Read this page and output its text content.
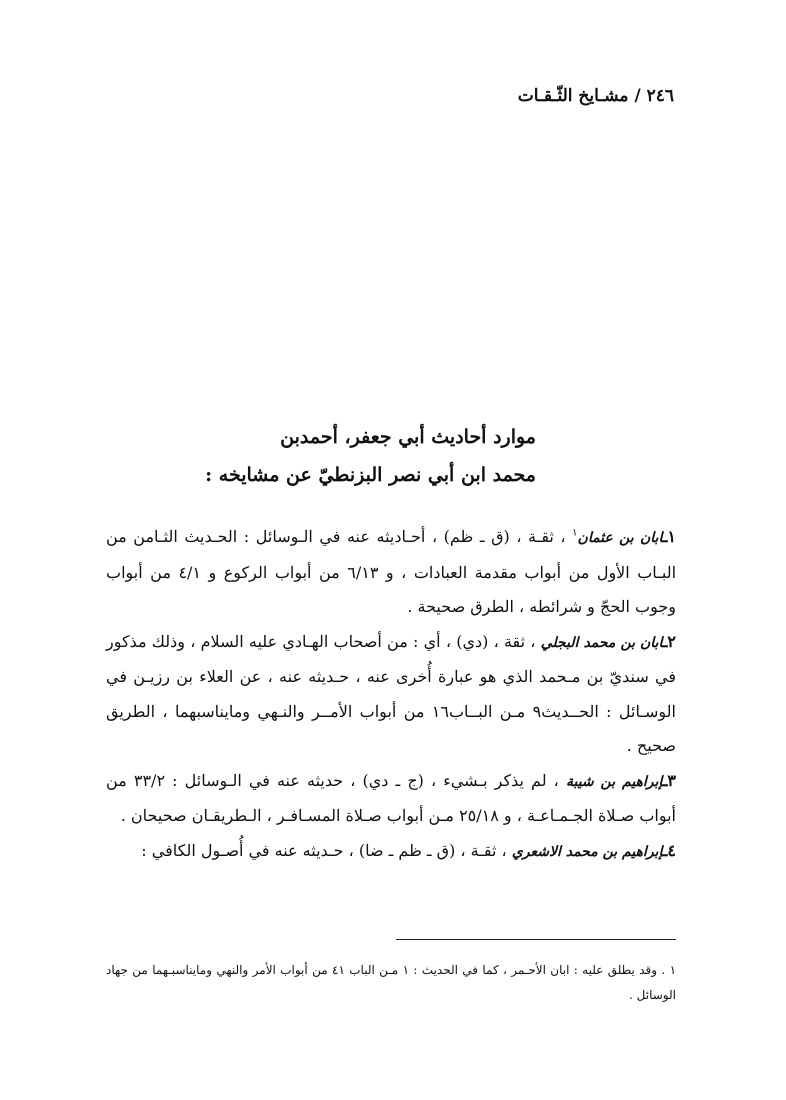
٢٤٦ / مشـايخ الثّـقـات
موارد أحاديث أبي جعفر، أحمدبن
محمد ابن أبي نصر البزنطيّ عن مشايخه :

١ـابان بن عثمان$^١$ ، ثقـة ، (ق ـ ظم) ، أحـاديثه عنه في الـوسائل : الحـديث الثـامن من البـاب الأول من أبواب مقدمة العبادات ، و ٦/١٣ من أبواب الركوع و ٤/١ من أبواب وجوب الحجّ و شرائطه ، الطرق صحيحة .

٢ـابان بن محمد البجلي ، ثقة ، (دي) ، أي : من أصحاب الهـادي عليه السلام ، وذلك مذكور في سنديّ بن مـحمد الذي هو عبارة أُخرى عنه ، حـديثه عنه ، عن العلاء بن رزيـن في الوسـائل : الحــديث٩ مـن البــاب١٦ من أبواب الأمــر والنـهي ومايناسبهما ، الطريق صحيح .

٣ـإبراهيم بن شيبة ، لم يذكر بـشيء ، (ج ـ دي) ، حديثه عنه في الـوسائل : ٣٣/٢ من أبواب صـلاة الجـمـاعـة ، و ٢٥/١٨ مـن أبواب صـلاة المسـافـر ، الـطريقـان صحيحان .

٤ـإبراهيم بن محمد الاشعري ، ثقـة ، (ق ـ ظم ـ ضا) ، حـديثه عنه في أُصـول الكافي :

١ . وقد يطلق عليه : ابان الأحـمر ، كما في الحديث : ١ مـن الباب ٤١ من أبواب الأمر والنهي ومايناسبـهما من جهاد الوسائل .
